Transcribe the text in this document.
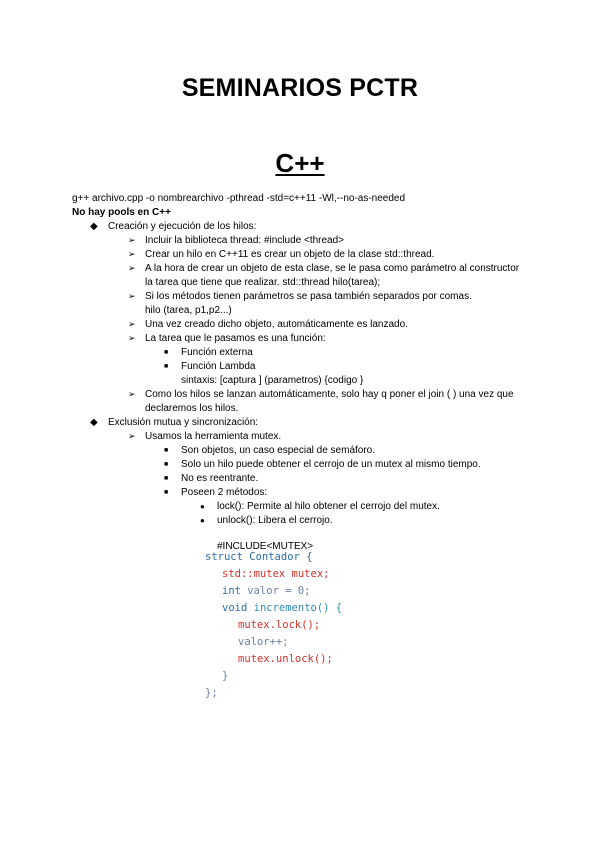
SEMINARIOS PCTR
C++
g++ archivo.cpp -o nombrearchivo -pthread -std=c++11 -Wl,--no-as-needed
No hay pools en C++
◆ Creación y ejecución de los hilos:
➢ Incluir la biblioteca thread: #include <thread>
➢ Crear un hilo en C++11 es crear un objeto de la clase std::thread.
➢ A la hora de crear un objeto de esta clase, se le pasa como parámetro al constructor
la tarea que tiene que realizar. std::thread hilo(tarea);
➢ Si los métodos tienen parámetros se pasa también separados por comas.
hilo (tarea, p1,p2...)
➢ Una vez creado dicho objeto, automáticamente es lanzado.
➢ La tarea que le pasamos es una función:
■ Función externa
■ Función Lambda
sintaxis: [captura ] (parametros) {codigo }
➢ Como los hilos se lanzan automáticamente, solo hay q poner el join ( ) una vez que
declaremos los hilos.
◆ Exclusión mutua y sincronización:
➢ Usamos la herramienta mutex.
■ Son objetos, un caso especial de semáforo.
■ Solo un hilo puede obtener el cerrojo de un mutex al mismo tiempo.
■ No es reentrante.
■ Poseen 2 métodos:
● lock(): Permite al hilo obtener el cerrojo del mutex.
● unlock(): Libera el cerrojo.
#INCLUDE<MUTEX>
struct Contador {
std::mutex mutex;
int valor = 0;
void incremento() {
mutex.lock();
valor++;
mutex.unlock();
}
};
